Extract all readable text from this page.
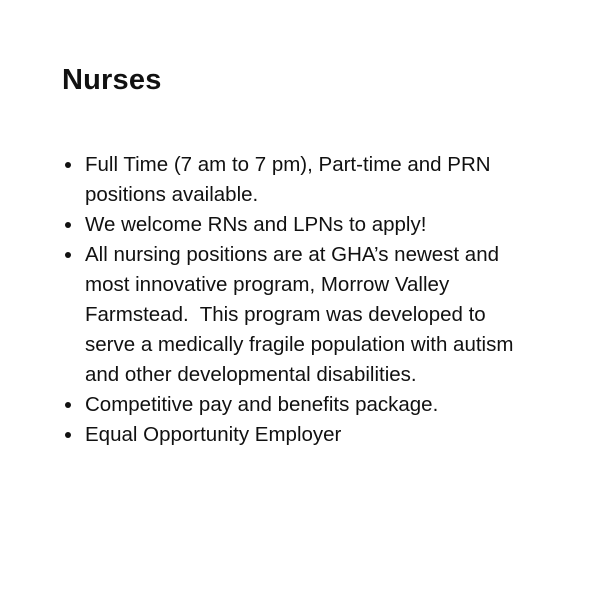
Nurses
Full Time (7 am to 7 pm), Part-time and PRN positions available.
We welcome RNs and LPNs to apply!
All nursing positions are at GHA’s newest and most innovative program, Morrow Valley Farmstead.  This program was developed to serve a medically fragile population with autism and other developmental disabilities.
Competitive pay and benefits package.
Equal Opportunity Employer
